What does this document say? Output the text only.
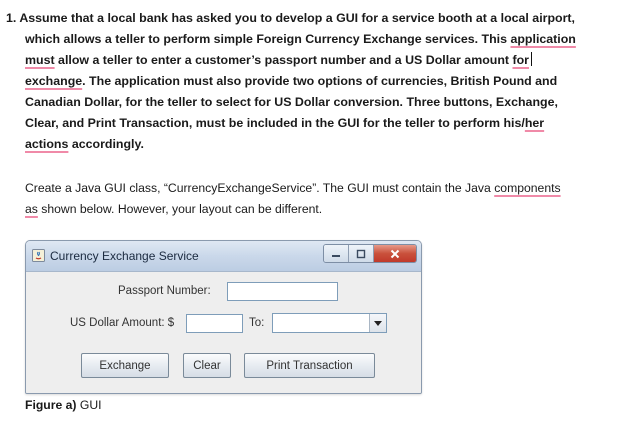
1. Assume that a local bank has asked you to develop a GUI for a service booth at a local airport,
which allows a teller to perform simple Foreign Currency Exchange services. This application
must allow a teller to enter a customer’s passport number and a US Dollar amount for
exchange. The application must also provide two options of currencies, British Pound and
Canadian Dollar, for the teller to select for US Dollar conversion. Three buttons, Exchange,
Clear, and Print Transaction, must be included in the GUI for the teller to perform his/her
actions accordingly.
Create a Java GUI class, “CurrencyExchangeService”. The GUI must contain the Java components
as shown below. However, your layout can be different.
Currency Exchange Service
Passport Number:
US Dollar Amount: $	To:
Exchange	Clear	Print Transaction
Figure a) GUI
